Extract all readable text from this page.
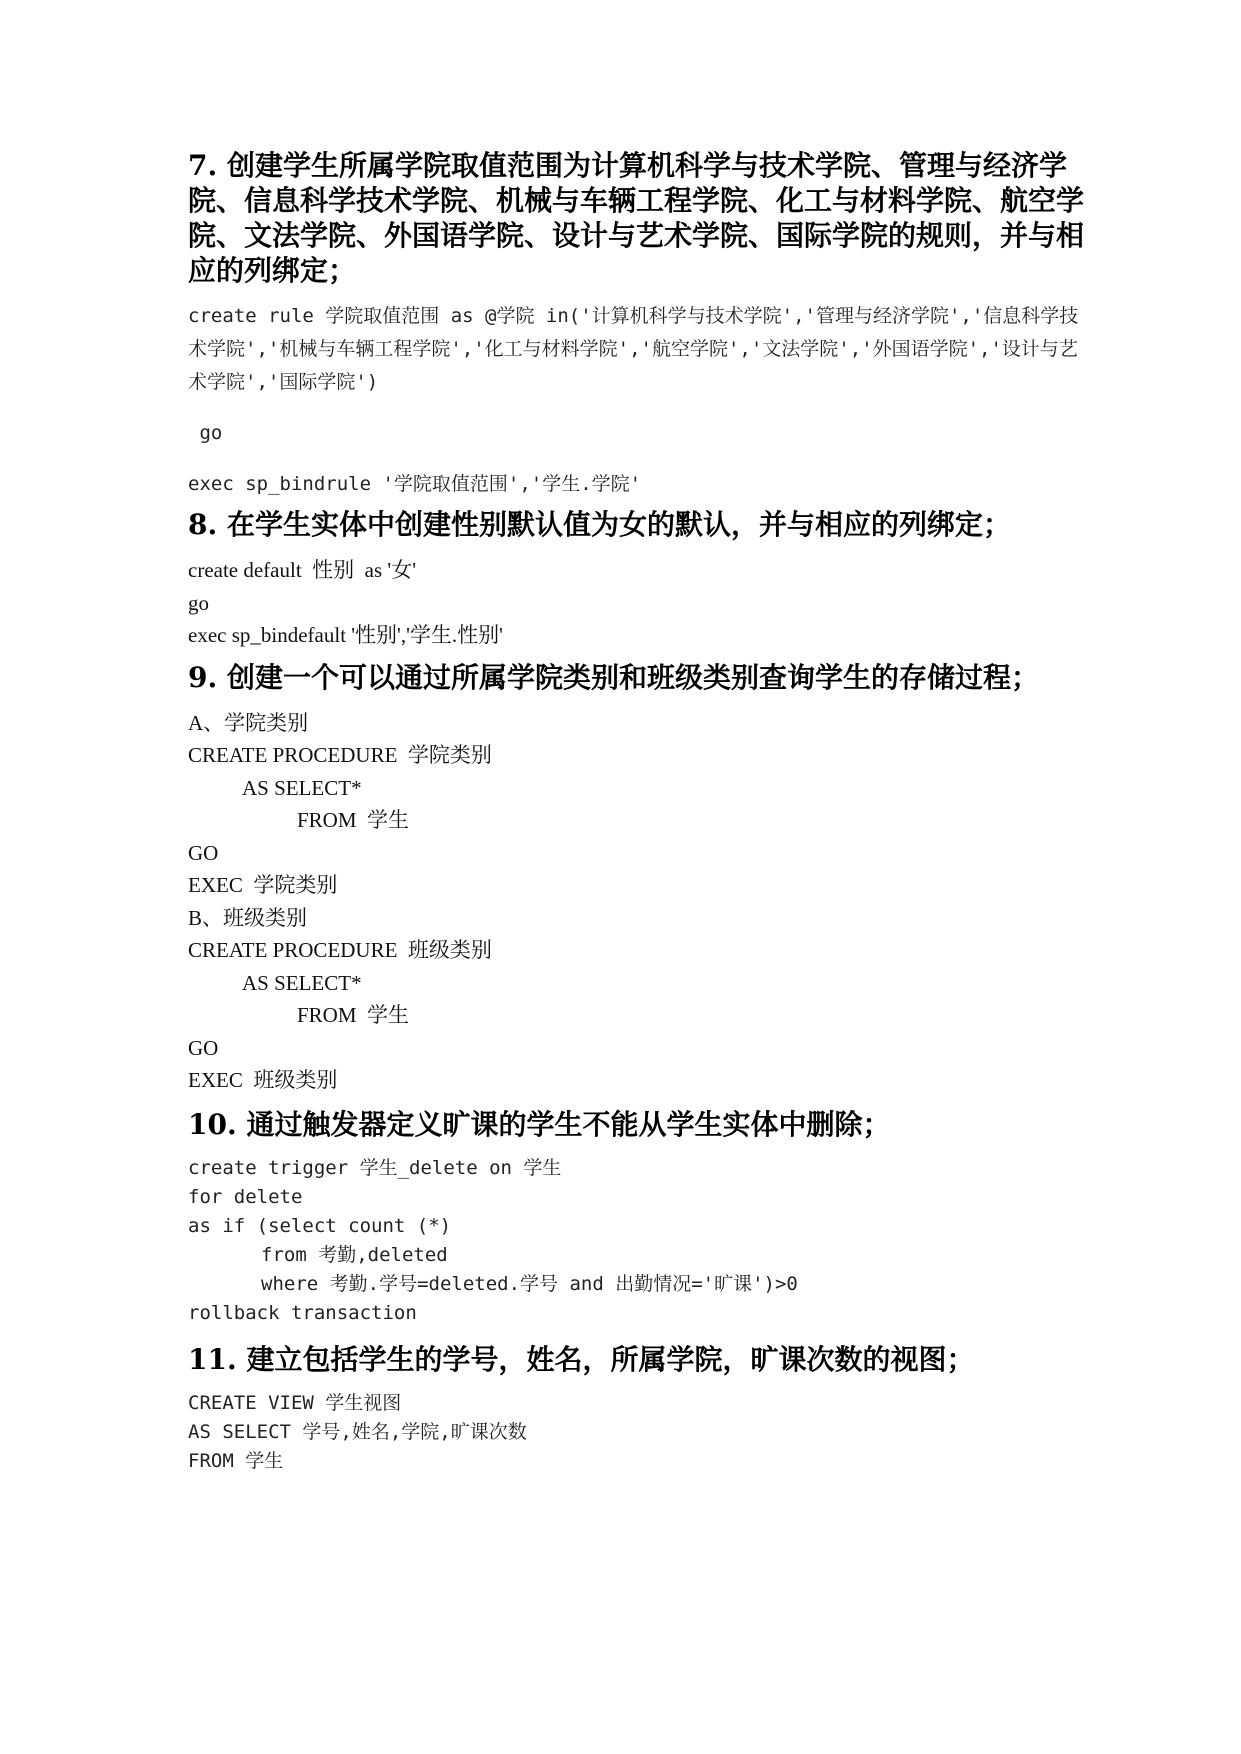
7. 创建学生所属学院取值范围为计算机科学与技术学院、管理与经济学院、信息科学技术学院、机械与车辆工程学院、化工与材料学院、航空学院、文法学院、外国语学院、设计与艺术学院、国际学院的规则，并与相应的列绑定；
create rule 学院取值范围 as @学院 in('计算机科学与技术学院','管理与经济学院','信息科学技术学院','机械与车辆工程学院','化工与材料学院','航空学院','文法学院','外国语学院','设计与艺术学院','国际学院')
go
exec sp_bindrule '学院取值范围','学生.学院'
8. 在学生实体中创建性别默认值为女的默认，并与相应的列绑定；
create default  性别  as '女'
go
exec sp_bindefault '性别','学生.性别'
9. 创建一个可以通过所属学院类别和班级类别查询学生的存储过程；
A、学院类别
CREATE PROCEDURE  学院类别
AS SELECT*
FROM  学生
GO
EXEC  学院类别
B、班级类别
CREATE PROCEDURE  班级类别
AS SELECT*
FROM  学生
GO
EXEC  班级类别
10. 通过触发器定义旷课的学生不能从学生实体中删除；
create trigger 学生_delete on 学生
for delete
as if (select count (*)
from 考勤,deleted
where 考勤.学号=deleted.学号 and 出勤情况='旷课')>0
rollback transaction
11. 建立包括学生的学号，姓名，所属学院，旷课次数的视图；
CREATE VIEW 学生视图
AS SELECT 学号,姓名,学院,旷课次数
FROM 学生
